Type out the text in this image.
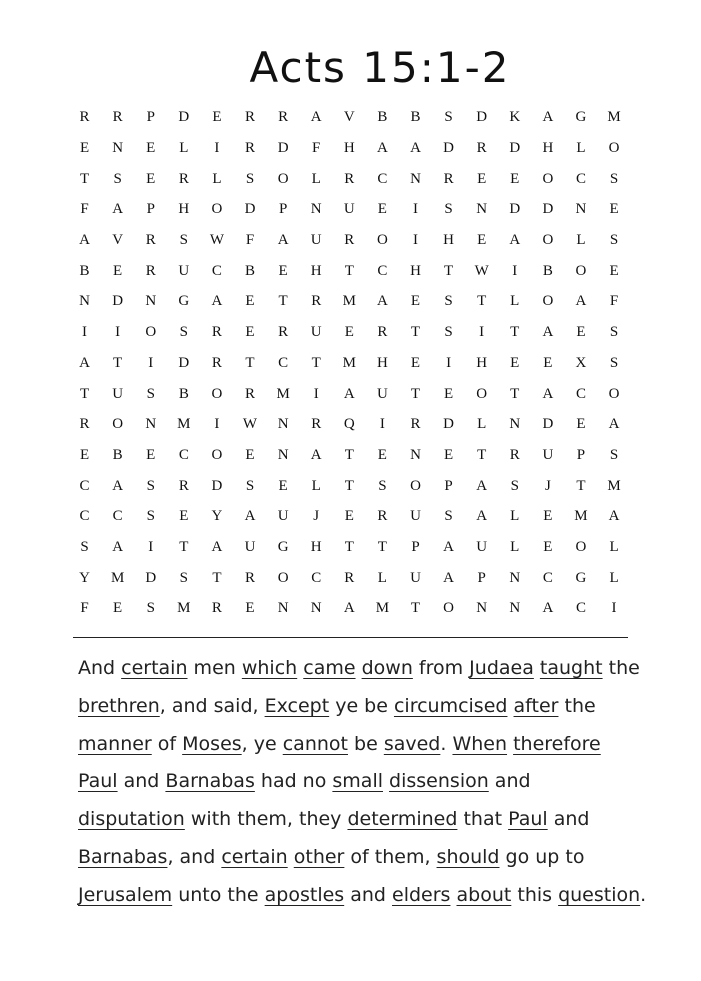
Acts 15:1-2
R	R	P	D	E	R	R	A	V	B	B	S	D	K	A	G	M
E	N	E	L	I	R	D	F	H	A	A	D	R	D	H	L	O
T	S	E	R	L	S	O	L	R	C	N	R	E	E	O	C	S
F	A	P	H	O	D	P	N	U	E	I	S	N	D	D	N	E
A	V	R	S	W	F	A	U	R	O	I	H	E	A	O	L	S
B	E	R	U	C	B	E	H	T	C	H	T	W	I	B	O	E
N	D	N	G	A	E	T	R	M	A	E	S	T	L	O	A	F
I	I	O	S	R	E	R	U	E	R	T	S	I	T	A	E	S
A	T	I	D	R	T	C	T	M	H	E	I	H	E	E	X	S
T	U	S	B	O	R	M	I	A	U	T	E	O	T	A	C	O
R	O	N	M	I	W	N	R	Q	I	R	D	L	N	D	E	A
E	B	E	C	O	E	N	A	T	E	N	E	T	R	U	P	S
C	A	S	R	D	S	E	L	T	S	O	P	A	S	J	T	M
C	C	S	E	Y	A	U	J	E	R	U	S	A	L	E	M	A
S	A	I	T	A	U	G	H	T	T	P	A	U	L	E	O	L
Y	M	D	S	T	R	O	C	R	L	U	A	P	N	C	G	L
F	E	S	M	R	E	N	N	A	M	T	O	N	N	A	C	I
And certain men which came down from Judaea taught the
brethren, and said, Except ye be circumcised after the
manner of Moses, ye cannot be saved. When therefore
Paul and Barnabas had no small dissension and
disputation with them, they determined that Paul and
Barnabas, and certain other of them, should go up to
Jerusalem unto the apostles and elders about this question.
